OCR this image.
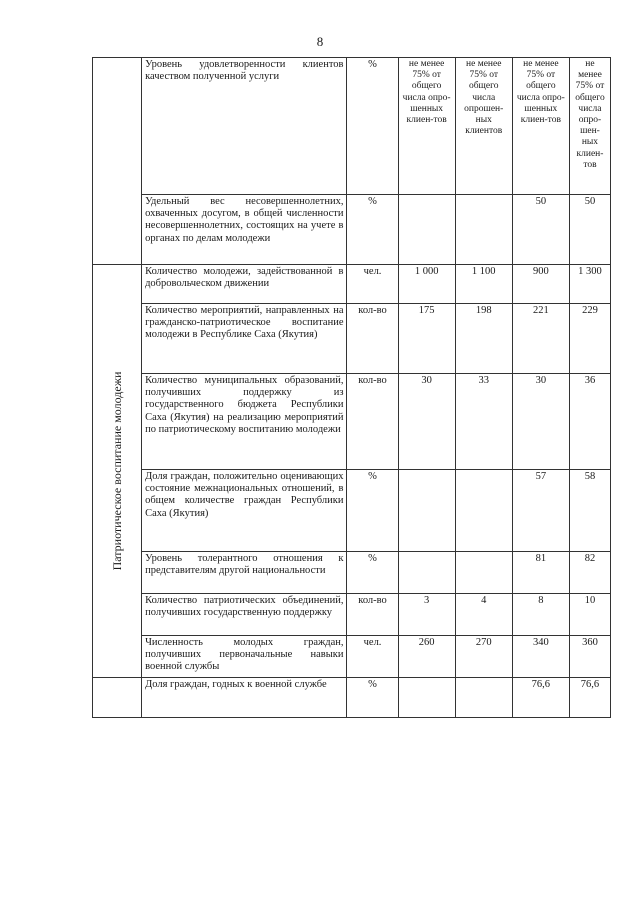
8
	Уровень удовлетворенности клиентов качеством полученной услуги	%	не менее 75% от общего числа опро-шенных клиен-тов	не менее 75% от общего числа опрошен-ных клиентов	не менее 75% от общего числа опро-шенных клиен-тов	не менее 75% от общего числа опро-шен-ных клиен-тов
	Удельный вес несовершеннолетних, охваченных досугом, в общей численности несовершеннолетних, состоящих на учете в органах по делам молодежи	%			50	50

Патриотическое воспитание молодежи	Количество молодежи, задействованной в добровольческом движении	чел.	1 000	1 100	900	1 300
	Количество мероприятий, направленных на гражданско-патриотическое воспитание молодежи в Республике Саха (Якутия)	кол-во	175	198	221	229
	Количество муниципальных образований, получивших поддержку из государственного бюджета Республики Саха (Якутия) на реализацию мероприятий по патриотическому воспитанию молодежи	кол-во	30	33	30	36
	Доля граждан, положительно оценивающих состояние межнациональных отношений, в общем количестве граждан Республики Саха (Якутия)	%			57	58
	Уровень толерантного отношения к представителям другой национальности	%			81	82
	Количество патриотических объединений, получивших государственную поддержку	кол-во	3	4	8	10
	Численность молодых граждан, получивших первоначальные навыки военной службы	чел.	260	270	340	360
	Доля граждан, годных к военной службе	%			76,6	76,6
